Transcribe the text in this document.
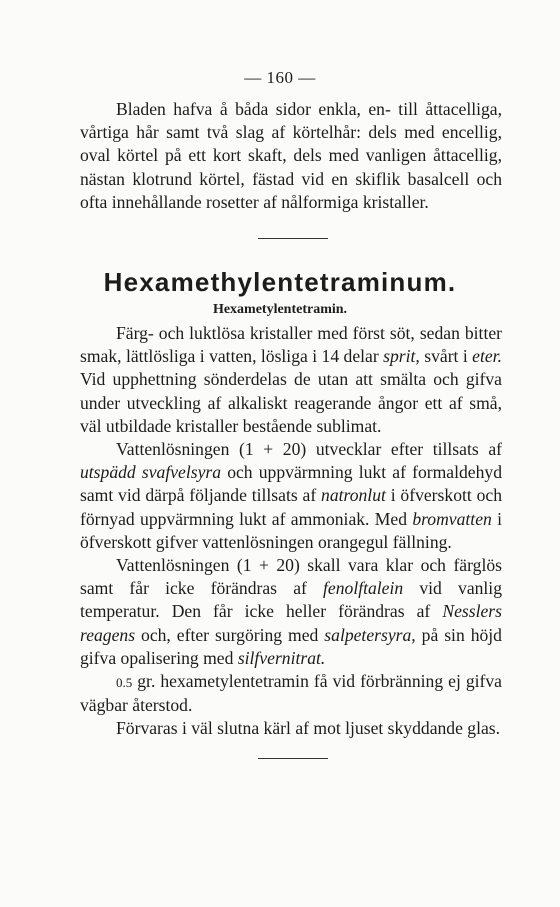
— 160 —

Bladen hafva å båda sidor enkla, en- till åttacelliga, vårtiga hår samt två slag af körtelhår: dels med encellig, oval körtel på ett kort skaft, dels med vanligen åttacellig, nästan klotrund körtel, fästad vid en skiflik basalcell och ofta innehållande rosetter af nålformiga kristaller.

Hexamethylentetraminum.
Hexametylentetramin.

Färg- och luktlösa kristaller med först söt, sedan bitter smak, lättlösliga i vatten, lösliga i 14 delar sprit, svårt i eter. Vid upphettning sönderdelas de utan att smälta och gifva under utveckling af alkaliskt reagerande ångor ett af små, väl utbildade kristaller bestående sublimat.

Vattenlösningen (1 + 20) utvecklar efter tillsats af utspädd svafvelsyra och uppvärmning lukt af formaldehyd samt vid därpå följande tillsats af natronlut i öfverskott och förnyad uppvärmning lukt af ammoniak. Med bromvatten i öfverskott gifver vattenlösningen orangegul fällning.

Vattenlösningen (1 + 20) skall vara klar och färglös samt får icke förändras af fenolftalein vid vanlig temperatur. Den får icke heller förändras af Nesslers reagens och, efter surgöring med salpetersyra, på sin höjd gifva opalisering med silfvernitrat.

0.5 gr. hexametylentetramin få vid förbränning ej gifva vägbar återstod.

Förvaras i väl slutna kärl af mot ljuset skyddande glas.
